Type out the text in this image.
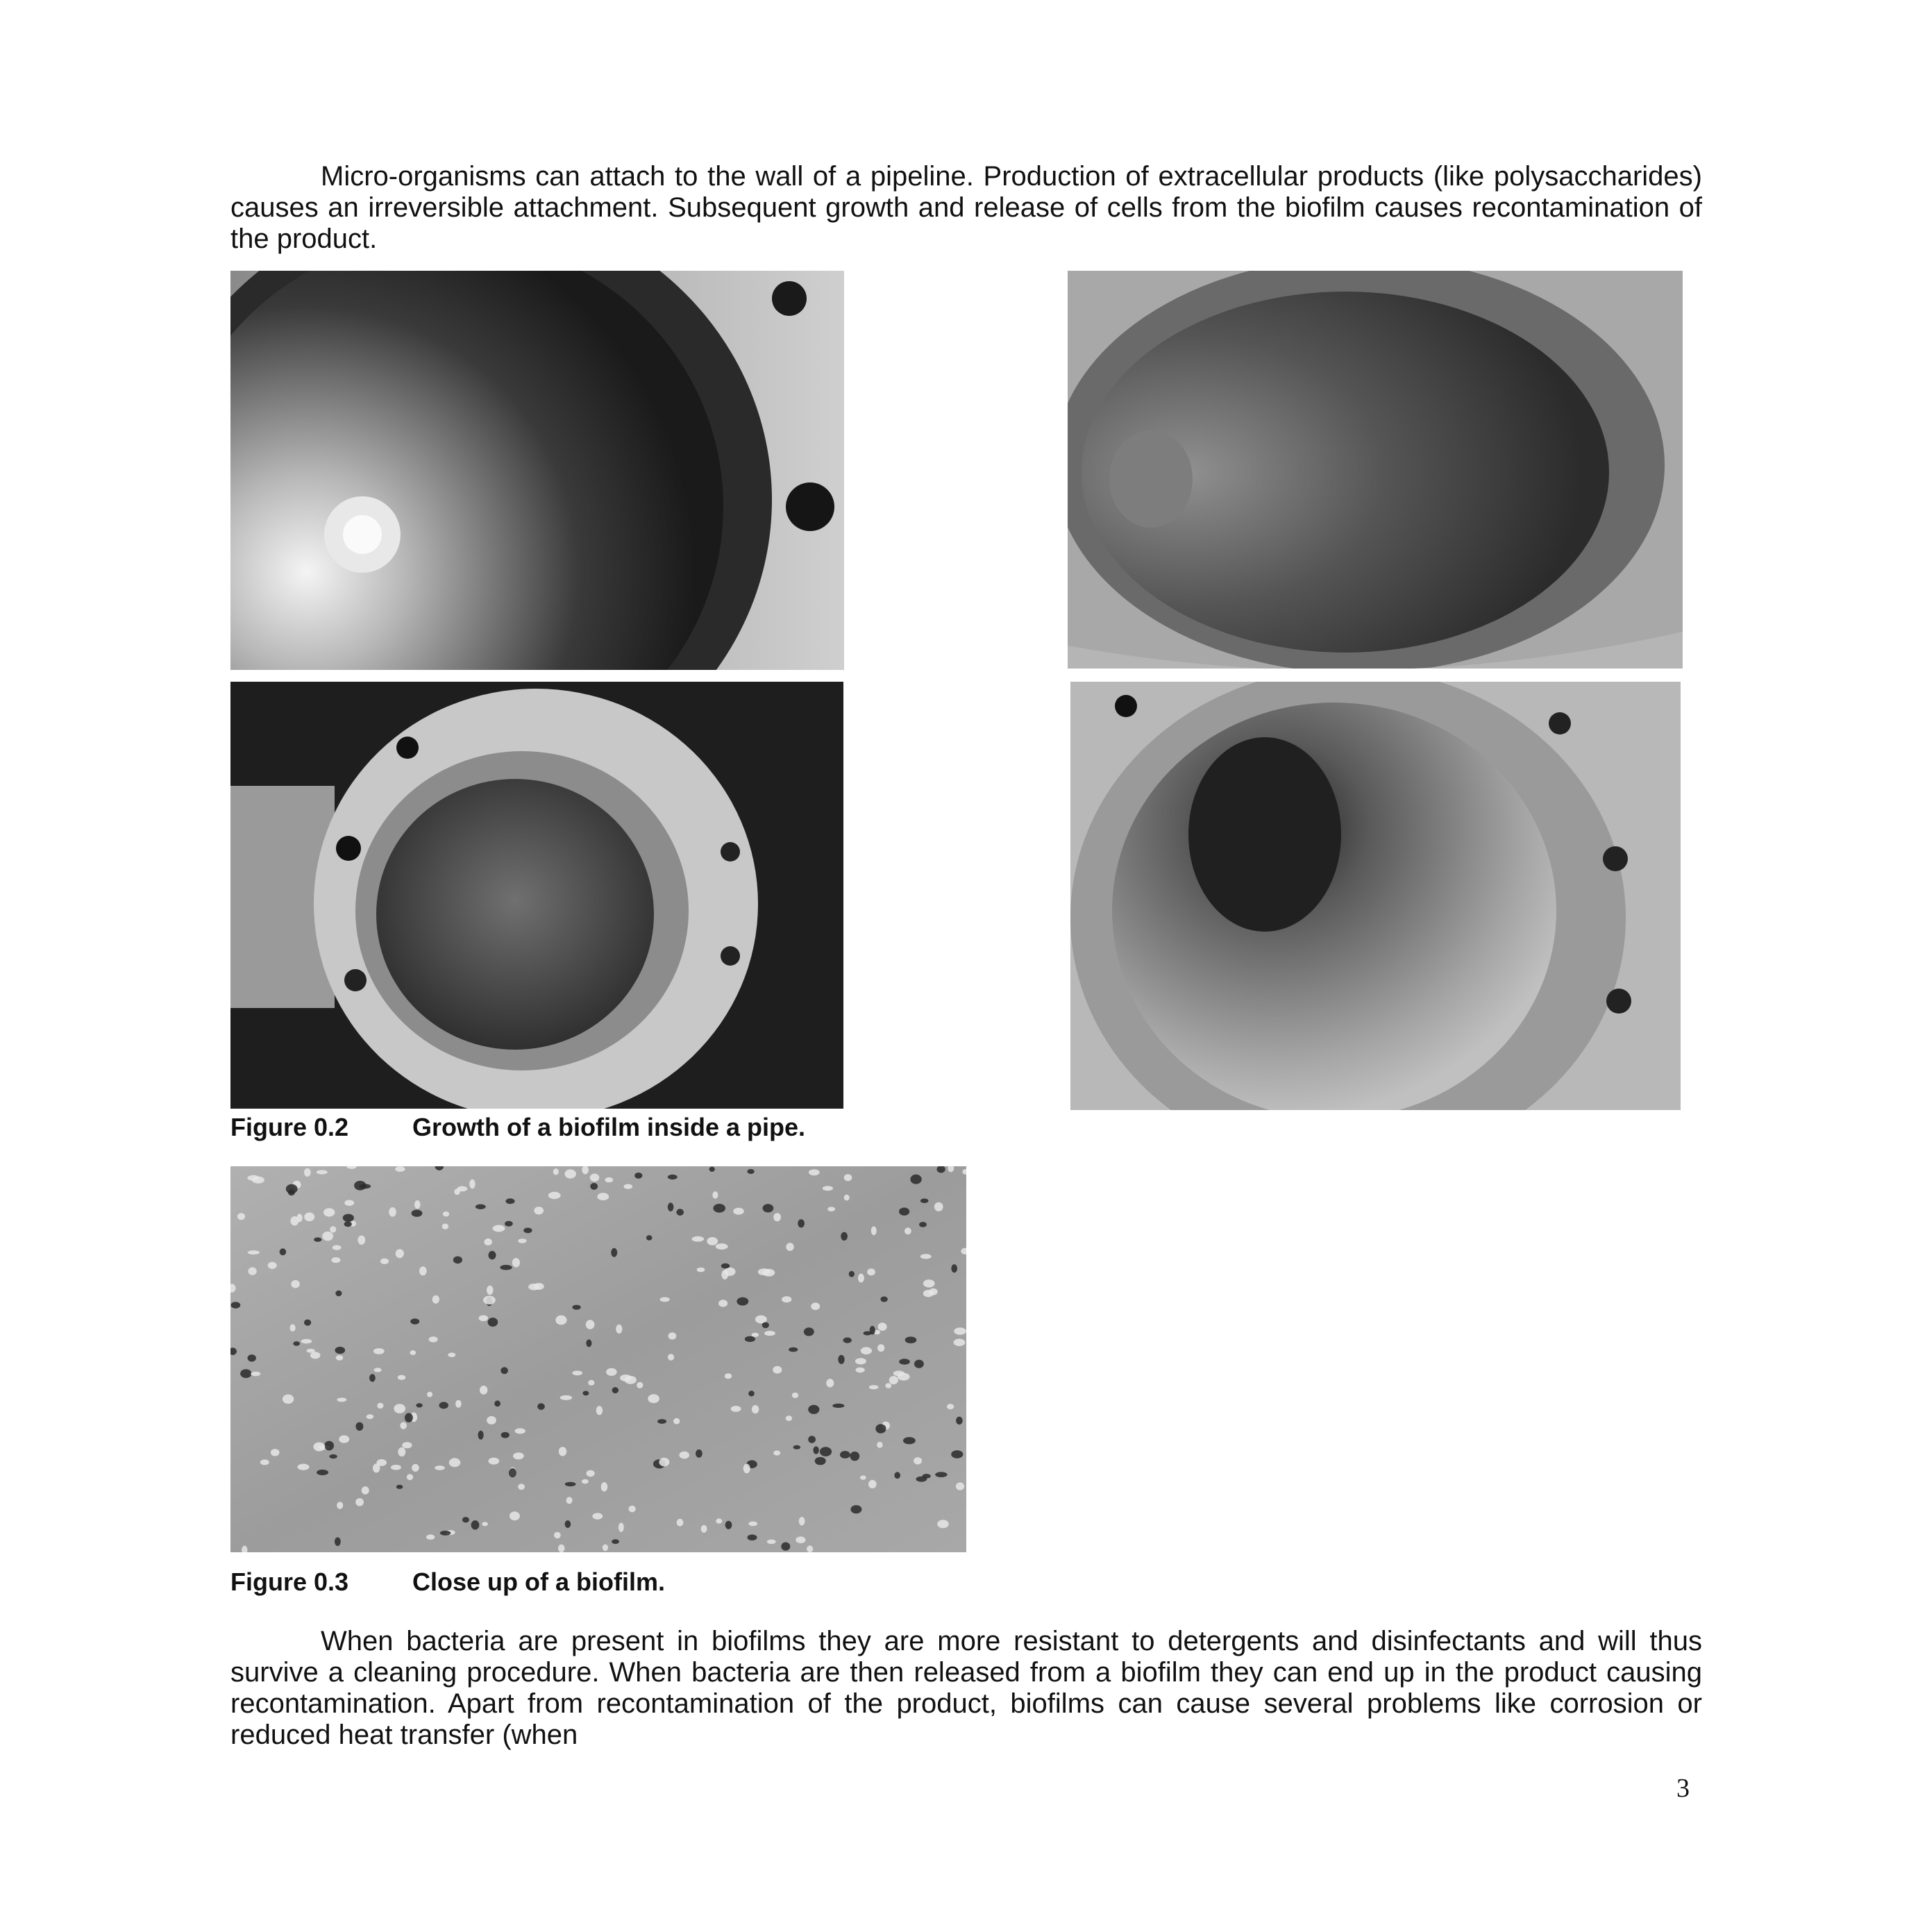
Micro-organisms can attach to the wall of a pipeline. Production of extracellular products (like polysaccharides) causes an irreversible attachment. Subsequent growth and release of cells from the biofilm causes recontamination of the product.

Figure 0.2	Growth of a biofilm inside a pipe.
Figure 0.3	Close up of a biofilm.

When bacteria are present in biofilms they are more resistant to detergents and disinfectants and will thus survive a cleaning procedure. When bacteria are then released from a biofilm they can end up in the product causing recontamination. Apart from recontamination of the product, biofilms can cause several problems like corrosion or reduced heat transfer (when

3
